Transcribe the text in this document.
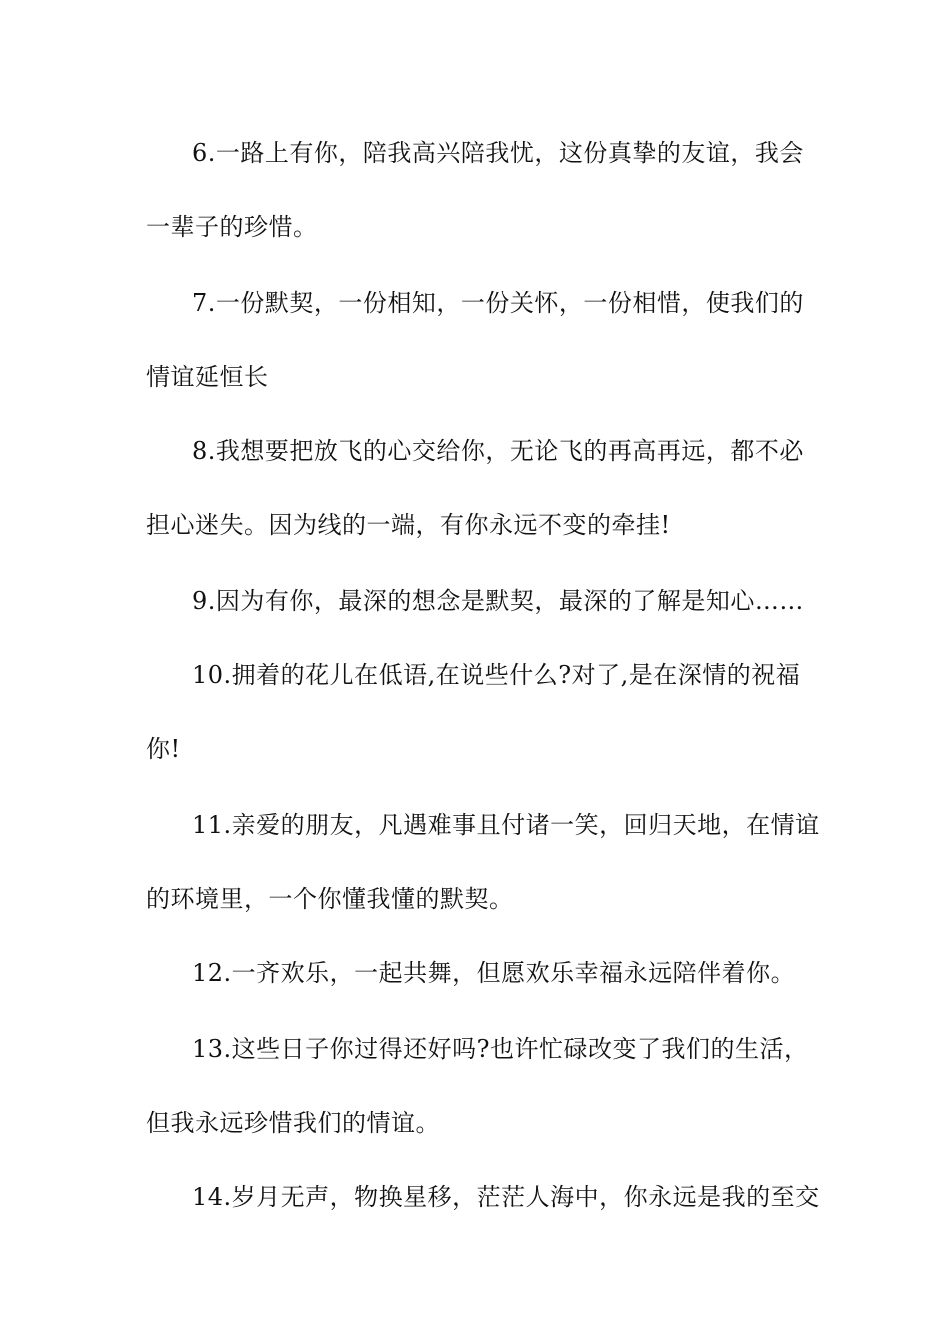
6.一路上有你，陪我高兴陪我忧，这份真挚的友谊，我会
一辈子的珍惜。
7.一份默契，一份相知，一份关怀，一份相惜，使我们的
情谊延恒长
8.我想要把放飞的心交给你，无论飞的再高再远，都不必
担心迷失。因为线的一端，有你永远不变的牵挂!
9.因为有你，最深的想念是默契，最深的了解是知心……
10.拥着的花儿在低语,在说些什么?对了,是在深情的祝福
你!
11.亲爱的朋友，凡遇难事且付诸一笑，回归天地，在情谊
的环境里，一个你懂我懂的默契。
12.一齐欢乐，一起共舞，但愿欢乐幸福永远陪伴着你。
13.这些日子你过得还好吗?也许忙碌改变了我们的生活，
但我永远珍惜我们的情谊。
14.岁月无声，物换星移，茫茫人海中，你永远是我的至交
